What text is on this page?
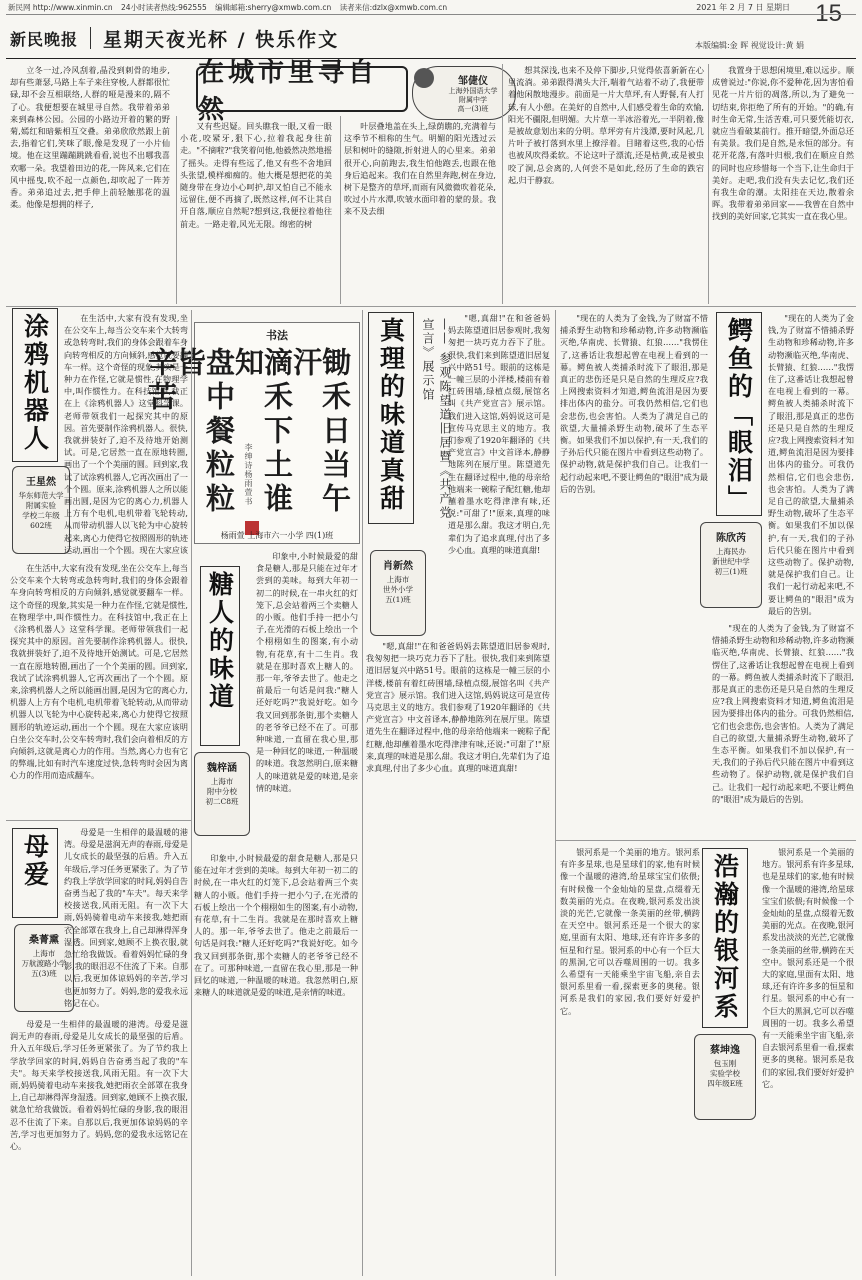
新民网 http://www.xinmin.cn 24小时读者热线:962555 编辑邮箱:sherry@xmwb.com.cn 读者来信:dzlx@xmwb.com.cn	2021 年 2 月 7 日 星期日 15
新民晚报 星期天夜光杯 / 快乐作文	本版编辑:金 晖 视觉设计:黄 娟

立冬一过,冷风刮着,晶没到刺骨的地步,却有些萧瑟,马路上车子来往穿梭,人群都很忙碌,却不会互相联络,人群的哑是漫来的,隔不了心。我便想要在城里寻自然。我带着弟弟来到森林公园。公园的小路边开着的繁的野菊,嫣红和暗紫相互交叠。弟弟欣欣然跟上前去,指着它们,笑咪了眼,像是发现了一小片仙境。他在这里蹦蹦跳跳看看,说也不出哪我喜欢哪一朵。我望着田边的花,一阵风来,它们在风中摇曳,吹不起一点颜色,却吹起了一阵芳香。弟弟追过去,把手伸上前轻触那花的温柔。他像是想拥的样子,

在城市里寻自然
邹倢仪
上海外国语大学
附属中学
高一(3)班

又有些迟疑。回头瞧我一眼,又看一眼小花,咬紧牙,狠下心,拉着我起身往前走。"不摘啦?"我笑着问他,他毅然决然地摇了摇头。走得有些远了,他又有些不舍地回头张望,模样痴痴的。他大概是想把花的美随身带在身边小心呵护,却又怕自己不能永远留住,便不再摘了,既然这样,何不让其自开自落,顺应自然呢?想到这,我便拉着他往前走。一路走着,风光无限。绵密的树

叶层叠地盖在头上,绿荫瞧的,充满着与这季节不相称的生气。明媚的阳光透过云层和树叶的缝隙,折射进人的心里来。弟弟很开心,向前跑去,我生怕他跑丢,也跟在他身后追起来。我们在自然里奔跑,树在身边,树下是整齐的草坪,而雨有风微微吹着花朵,吹过小片水潭,吹皱水面印着的蒙的景。我来不及去细

想其深浅,也来不及停下脚步,只觉得依喜新新在心里流淌。弟弟跟得满头大汗,喘着气站着不动了,我便带着他闲散地漫步。前面是一片大草坪,有人野餐,有人打球,有人小憩。在美好的自然中,人们感受着生命的欢愉,阳光不疆限,但明媚。大片草一半冰浴着光,一半阴着,像是被故意划出来的分明。草坪旁有片浅潭,要时风起,几片叶子被打落到水里上撩浮着。目睹着这些,我的心悟也被风吹得柔软。不论这叶子漂流,还是枯黄,或是被虫咬了洞,总会离的,人何尝不是如此,经历了生命的跌宕起,归于静寂。

我置身于思想闲境里,难以远步。顺成曾说过:"你说,你不爱种花,因为害怕看见花一片片衍的凋落,所以,为了避免一切结束,你拒绝了所有的开始。"的确,有时生命无常,生活苦难,可只要凭能切衣,就应当看破某前行。推开暗望,外面总还有美景。我们是自然,是永恒的部分。有花开花落,有落叶归根,我们在顺应自然的同时也应珍惜每一个当下,让生命归于美好。走吧,我们没有失去记忆,我们还有我生命的潮。太阳挂在天边,散着余晖。我带着弟弟回家——我曾在自然中找到的美好回家,它其实一直在我心里。

涂鸦机器人
王星然
华东师范大学
附属实验
学校二年级
602班

在生活中,大家有没有发现,坐在公交车上,每当公交车来个大转弯或急转弯时,我们的身体会跟着车身向转弯相反的方向倾斜,感觉就要翻车一样。这个奇怪的现象,其实是一种力在作怪,它就是惯性,在物理学中,叫作惯性力。在科技馆中,我正在上《涂鸦机器人》这堂科学课。老师带领我们一起探究其中的原因。首先要制作涂鸦机器人。很快,我就拼装好了,迫不及待地开始测试。可是,它居然一直在原地转圈,画出了一个个美丽的圆。回到家,我试了试涂鸦机器人,它再次画出了一个个圆。原来,涂鸦机器人之所以能画出圆,是因为它的离心力,机器人上方有个电机,电机带着飞轮转动,从而带动机器人以飞轮为中心旋转起来,离心力使得它按照圆形的轨迹运动,画出一个个圆。现在大家应该

在生活中,大家有没有发现,坐在公交车上,每当公交车来个大转弯或急转弯时,我们的身体会跟着车身向转弯相反的方向倾斜,感觉就要翻车一样。这个奇怪的现象,其实是一种力在作怪,它就是惯性,在物理学中,叫作惯性力。在科技馆中,我正在上《涂鸦机器人》这堂科学课。老师带领我们一起探究其中的原因。首先要制作涂鸦机器人。很快,我就拼装好了,迫不及待地开始测试。可是,它居然一直在原地转圈,画出了一个个美丽的圆。回到家,我试了试涂鸦机器人,它再次画出了一个个圆。原来,涂鸦机器人之所以能画出圆,是因为它的离心力,机器人上方有个电机,电机带着飞轮转动,从而带动机器人以飞轮为中心旋转起来,离心力使得它按照圆形的轨迹运动,画出一个个圆。现在大家应该明白坐公交车时,公交车转弯时,我们会向着相反的方向倾斜,这就是离心力的作用。当然,离心力也有它的弊端,比如有时汽车速度过快,急转弯时会因为离心力的作用而造成翻车。

书法
锄禾日当午汗
滴禾下土谁知
盘中餐粒粒皆
辛苦
李绅诗杨雨萱书
杨雨萱 上海市六一小学 四(1)班
糖人的味道
魏梓涵
上海市
附中分校
初二C8班

印象中,小时候最爱的甜食是糖人,那是只能在过年才尝到的美味。每到大年初一初二的时候,在一串火红的灯笼下,总会站着两三个卖糖人的小贩。他们手持一把小勺子,在光滑的石板上绘出一个个栩栩如生的图案,有小动物,有花草,有十二生肖。我就是在那时喜欢上糖人的。那一年,爷爷去世了。他走之前最后一句话是问我:"糖人还好吃吗?"我说好吃。如今我又回到那条街,那个卖糖人的老爷爷已经不在了。可那种味道,一直留在我心里,那是一种回忆的味道,一种温暖的味道。我忽然明白,原来糖人的味道就是爱的味道,是亲情的味道。

印象中,小时候最爱的甜食是糖人,那是只能在过年才尝到的美味。每到大年初一初二的时候,在一串火红的灯笼下,总会站着两三个卖糖人的小贩。他们手持一把小勺子,在光滑的石板上绘出一个个栩栩如生的图案,有小动物,有花草,有十二生肖。我就是在那时喜欢上糖人的。那一年,爷爷去世了。他走之前最后一句话是问我:"糖人还好吃吗?"我说好吃。如今我又回到那条街,那个卖糖人的老爷爷已经不在了。可那种味道,一直留在我心里,那是一种回忆的味道,一种温暖的味道。我忽然明白,原来糖人的味道就是爱的味道,是亲情的味道。

真理的味道真甜	—— 参观陈望道旧居暨《共产党宣言》展示馆
肖新然
上海市
世外小学
五(1)班

"嗯,真甜!"在和爸爸妈妈去陈望道旧居参观时,我匆匆把一块巧克力吞下了肚。很快,我们来到陈望道旧居复兴中路51号。眼前的这栋是一幢三层的小洋楼,楼前有着红砖围墙,绿植点缀,展馆名叫《共产党宣言》展示馆。我们进入这馆,妈妈说这可是宣传马克思主义的地方。我们参观了1920年翻译的《共产党宣言》中文首译本,静静地陈列在展厅里。陈望道先生在翻译过程中,他的母亲给他端来一碗粽子配红糖,他却蘸着墨水吃得津津有味,还说:"可甜了!"原来,真理的味道是那么甜。我这才明白,先辈们为了追求真理,付出了多少心血。真理的味道真甜!

"嗯,真甜!"在和爸爸妈妈去陈望道旧居参观时,我匆匆把一块巧克力吞下了肚。很快,我们来到陈望道旧居复兴中路51号。眼前的这栋是一幢三层的小洋楼,楼前有着红砖围墙,绿植点缀,展馆名叫《共产党宣言》展示馆。我们进入这馆,妈妈说这可是宣传马克思主义的地方。我们参观了1920年翻译的《共产党宣言》中文首译本,静静地陈列在展厅里。陈望道先生在翻译过程中,他的母亲给他端来一碗粽子配红糖,他却蘸着墨水吃得津津有味,还说:"可甜了!"原来,真理的味道是那么甜。我这才明白,先辈们为了追求真理,付出了多少心血。真理的味道真甜!

"现在的人类为了金钱,为了财富不惜捕杀野生动物和珍稀动物,许多动物濒临灭绝,华南虎、长臂猿、红狼……"我愣住了,这番话让我想起曾在电视上看到的一幕。鳄鱼被人类捕杀时流下了眼泪,那是真正的悲伤还是只是自然的生理反应?我上网搜索资料才知道,鳄鱼流泪是因为要排出体内的盐分。可我仍然相信,它们也会悲伤,也会害怕。人类为了满足自己的欲望,大量捕杀野生动物,破坏了生态平衡。如果我们不加以保护,有一天,我们的子孙后代只能在图片中看到这些动物了。保护动物,就是保护我们自己。让我们一起行动起来吧,不要让鳄鱼的"眼泪"成为最后的告别。	鳄鱼的「眼泪」
陈欣芮
上海民办
新世纪中学
初三(1)班

"现在的人类为了金钱,为了财富不惜捕杀野生动物和珍稀动物,许多动物濒临灭绝,华南虎、长臂猿、红狼……"我愣住了,这番话让我想起曾在电视上看到的一幕。鳄鱼被人类捕杀时流下了眼泪,那是真正的悲伤还是只是自然的生理反应?我上网搜索资料才知道,鳄鱼流泪是因为要排出体内的盐分。可我仍然相信,它们也会悲伤,也会害怕。人类为了满足自己的欲望,大量捕杀野生动物,破坏了生态平衡。如果我们不加以保护,有一天,我们的子孙后代只能在图片中看到这些动物了。保护动物,就是保护我们自己。让我们一起行动起来吧,不要让鳄鱼的"眼泪"成为最后的告别。

"现在的人类为了金钱,为了财富不惜捕杀野生动物和珍稀动物,许多动物濒临灭绝,华南虎、长臂猿、红狼……"我愣住了,这番话让我想起曾在电视上看到的一幕。鳄鱼被人类捕杀时流下了眼泪,那是真正的悲伤还是只是自然的生理反应?我上网搜索资料才知道,鳄鱼流泪是因为要排出体内的盐分。可我仍然相信,它们也会悲伤,也会害怕。人类为了满足自己的欲望,大量捕杀野生动物,破坏了生态平衡。如果我们不加以保护,有一天,我们的子孙后代只能在图片中看到这些动物了。保护动物,就是保护我们自己。让我们一起行动起来吧,不要让鳄鱼的"眼泪"成为最后的告别。

母爱
桑菁熏
上海市
万航渡路小学
五(3)班

母爱是一生相伴的最温暖的港湾。母爱是滋润无声的春雨,母爱是儿女成长的最坚强的后盾。升入五年级后,学习任务更紧张了。为了节约我上学放学回家的时间,妈妈自告奋勇当起了我的"车夫"。每天来学校接送我,风雨无阻。有一次下大雨,妈妈骑着电动车来接我,她把雨衣全部罩在我身上,自己却淋得浑身湿透。回到家,她顾不上换衣服,就急忙给我做饭。看着妈妈忙碌的身影,我的眼泪忍不住流了下来。自那以后,我更加体谅妈妈的辛苦,学习也更加努力了。妈妈,您的爱我永远铭记在心。

母爱是一生相伴的最温暖的港湾。母爱是滋润无声的春雨,母爱是儿女成长的最坚强的后盾。升入五年级后,学习任务更紧张了。为了节约我上学放学回家的时间,妈妈自告奋勇当起了我的"车夫"。每天来学校接送我,风雨无阻。有一次下大雨,妈妈骑着电动车来接我,她把雨衣全部罩在我身上,自己却淋得浑身湿透。回到家,她顾不上换衣服,就急忙给我做饭。看着妈妈忙碌的身影,我的眼泪忍不住流了下来。自那以后,我更加体谅妈妈的辛苦,学习也更加努力了。妈妈,您的爱我永远铭记在心。

银河系是一个美丽的地方。银河系有许多星球,也是星球们的家,他有时候像一个温暖的港湾,给星球宝宝们依偎;有时候像一个金灿灿的星盘,点缀着无数美丽的光点。在夜晚,银河系发出淡淡的光芒,它就像一条美丽的丝带,横跨在天空中。银河系还是一个很大的家庭,里面有太阳、地球,还有许许多多的恒星和行星。银河系的中心有一个巨大的黑洞,它可以吞噬周围的一切。我多么希望有一天能乘坐宇宙飞船,亲自去银河系里看一看,探索更多的奥秘。银河系是我们的家园,我们要好好爱护它。	浩瀚的银河系
蔡坤逸
包玉刚
实验学校
四年级E班

银河系是一个美丽的地方。银河系有许多星球,也是星球们的家,他有时候像一个温暖的港湾,给星球宝宝们依偎;有时候像一个金灿灿的星盘,点缀着无数美丽的光点。在夜晚,银河系发出淡淡的光芒,它就像一条美丽的丝带,横跨在天空中。银河系还是一个很大的家庭,里面有太阳、地球,还有许许多多的恒星和行星。银河系的中心有一个巨大的黑洞,它可以吞噬周围的一切。我多么希望有一天能乘坐宇宙飞船,亲自去银河系里看一看,探索更多的奥秘。银河系是我们的家园,我们要好好爱护它。
